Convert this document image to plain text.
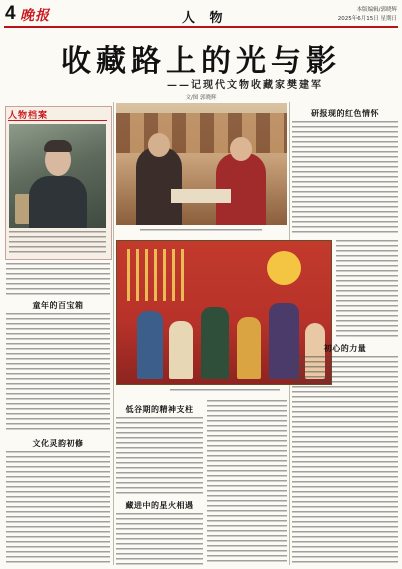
4 晚报	人 物
本版编辑/郭晓辉
2025年6月15日 星期日
收藏路上的光与影
——记现代文物收藏家樊建军
文/图 郭晓辉
人物档案
童年的百宝箱
文化灵韵初修
低谷期的精神支柱
藏进中的星火相遇
研报现的红色情怀
初心的力量
